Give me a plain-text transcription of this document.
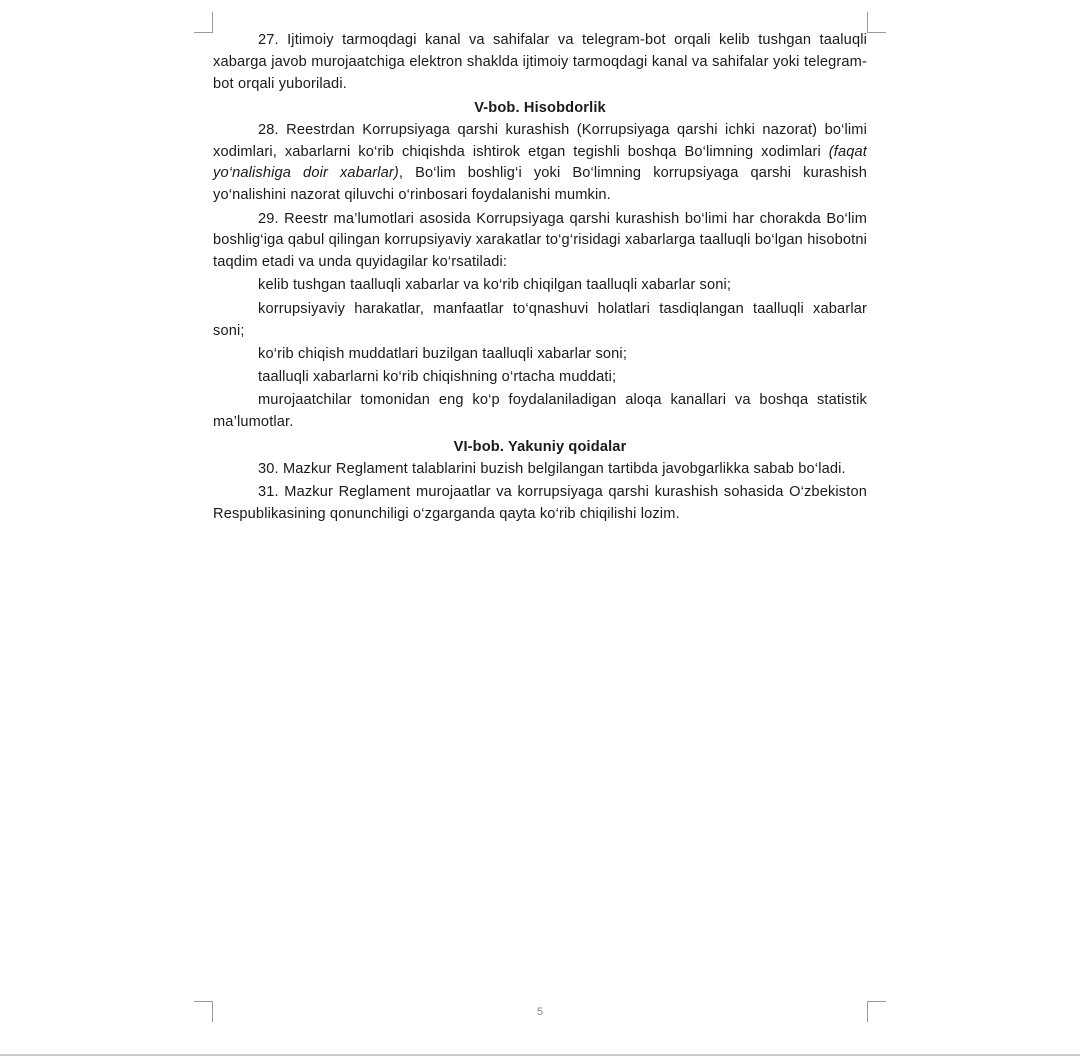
27. Ijtimoiy tarmoqdagi kanal va sahifalar va telegram-bot orqali kelib tushgan taaluqli xabarga javob murojaatchiga elektron shaklda ijtimoiy tarmoqdagi kanal va sahifalar yoki telegram-bot orqali yuboriladi.

V-bob. Hisobdorlik

28. Reestrdan Korrupsiyaga qarshi kurashish (Korrupsiyaga qarshi ichki nazorat) bo‘limi xodimlari, xabarlarni ko‘rib chiqishda ishtirok etgan tegishli boshqa Bo‘limning xodimlari (faqat yo‘nalishiga doir xabarlar), Bo‘lim boshlig‘i yoki Bo‘limning korrupsiyaga qarshi kurashish yo‘nalishini nazorat qiluvchi o‘rinbosari foydalanishi mumkin.

29. Reestr ma’lumotlari asosida Korrupsiyaga qarshi kurashish bo‘limi har chorakda Bo‘lim boshlig‘iga qabul qilingan korrupsiyaviy xarakatlar to‘g‘risidagi xabarlarga taalluqli bo‘lgan hisobotni taqdim etadi va unda quyidagilar ko‘rsatiladi:

kelib tushgan taalluqli xabarlar va ko‘rib chiqilgan taalluqli xabarlar soni;

korrupsiyaviy harakatlar, manfaatlar to‘qnashuvi holatlari tasdiqlangan taalluqli xabarlar soni;

ko‘rib chiqish muddatlari buzilgan taalluqli xabarlar soni;

taalluqli xabarlarni ko‘rib chiqishning o‘rtacha muddati;

murojaatchilar tomonidan eng ko‘p foydalaniladigan aloqa kanallari va boshqa statistik ma’lumotlar.

VI-bob. Yakuniy qoidalar

30. Mazkur Reglament talablarini buzish belgilangan tartibda javobgarlikka sabab bo‘ladi.

31. Mazkur Reglament murojaatlar va korrupsiyaga qarshi kurashish sohasida O‘zbekiston Respublikasining qonunchiligi o‘zgarganda qayta ko‘rib chiqilishi lozim.

5
